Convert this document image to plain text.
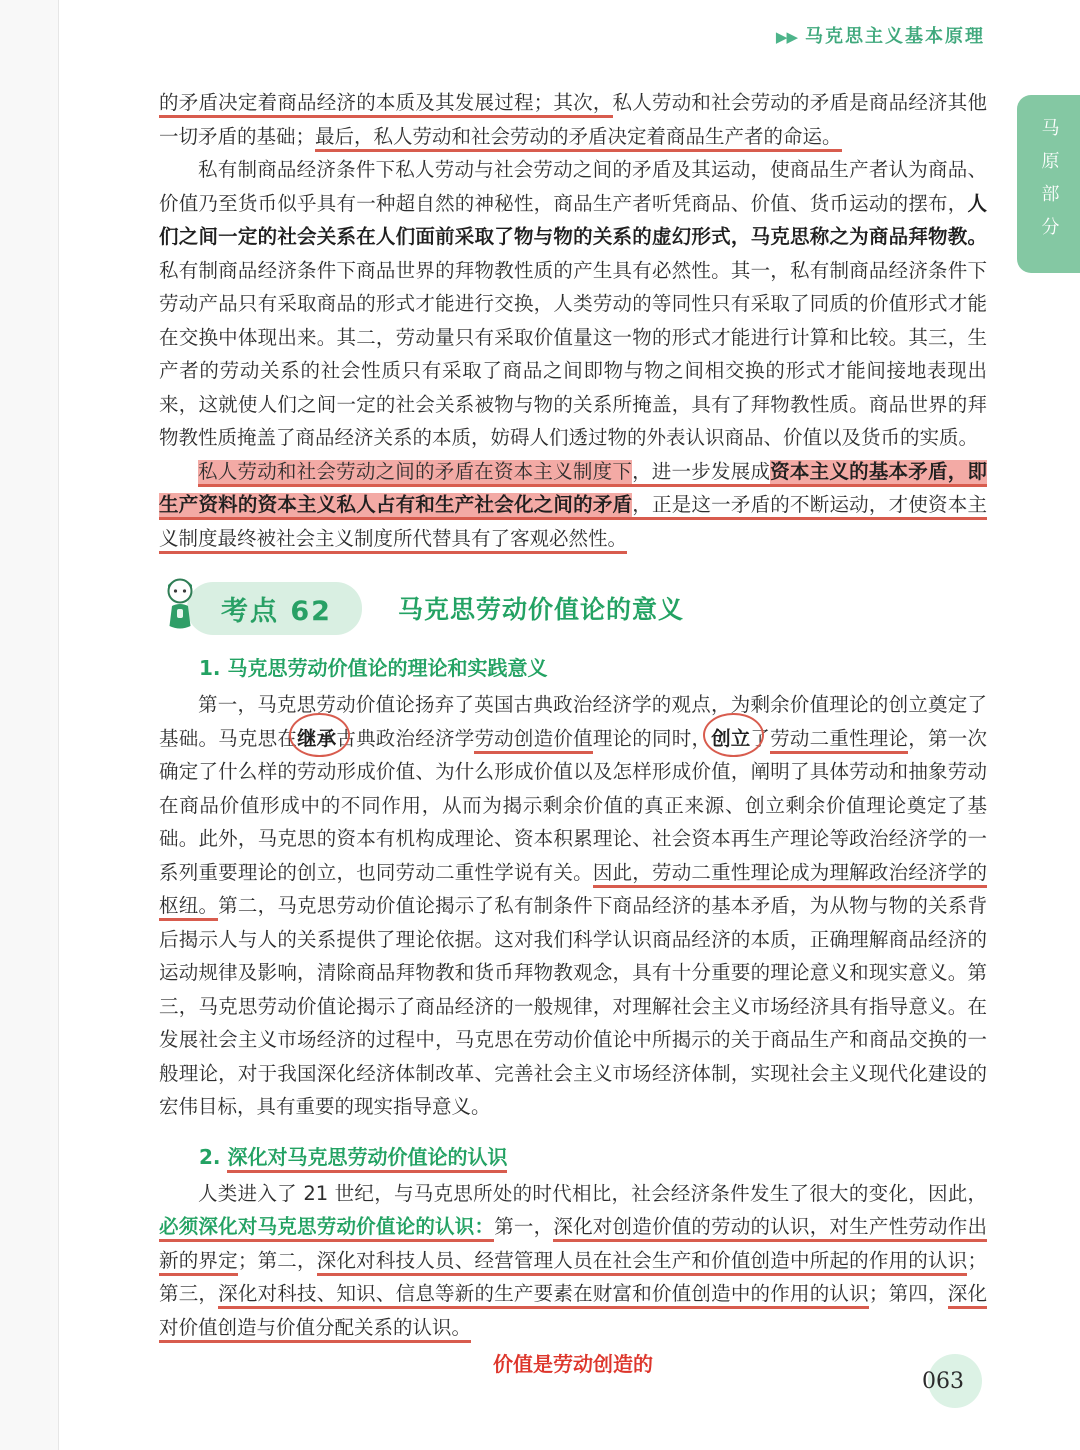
▶▶ 马克思主义基本原理
马原部分

的矛盾决定着商品经济的本质及其发展过程；其次，私人劳动和社会劳动的矛盾是商品经济其他一切矛盾的基础；最后，私人劳动和社会劳动的矛盾决定着商品生产者的命运。

私有制商品经济条件下私人劳动与社会劳动之间的矛盾及其运动，使商品生产者认为商品、价值乃至货币似乎具有一种超自然的神秘性，商品生产者听凭商品、价值、货币运动的摆布，人们之间一定的社会关系在人们面前采取了物与物的关系的虚幻形式，马克思称之为商品拜物教。私有制商品经济条件下商品世界的拜物教性质的产生具有必然性。其一，私有制商品经济条件下劳动产品只有采取商品的形式才能进行交换，人类劳动的等同性只有采取了同质的价值形式才能在交换中体现出来。其二，劳动量只有采取价值量这一物的形式才能进行计算和比较。其三，生产者的劳动关系的社会性质只有采取了商品之间即物与物之间相交换的形式才能间接地表现出来，这就使人们之间一定的社会关系被物与物的关系所掩盖，具有了拜物教性质。商品世界的拜物教性质掩盖了商品经济关系的本质，妨碍人们透过物的外表认识商品、价值以及货币的实质。

私人劳动和社会劳动之间的矛盾在资本主义制度下，进一步发展成资本主义的基本矛盾，即生产资料的资本主义私人占有和生产社会化之间的矛盾，正是这一矛盾的不断运动，才使资本主义制度最终被社会主义制度所代替具有了客观必然性。

考点 62	马克思劳动价值论的意义
1. 马克思劳动价值论的理论和实践意义

第一，马克思劳动价值论扬弃了英国古典政治经济学的观点，为剩余价值理论的创立奠定了基础。马克思在继承古典政治经济学劳动创造价值理论的同时，创立了劳动二重性理论，第一次确定了什么样的劳动形成价值、为什么形成价值以及怎样形成价值，阐明了具体劳动和抽象劳动在商品价值形成中的不同作用，从而为揭示剩余价值的真正来源、创立剩余价值理论奠定了基础。此外，马克思的资本有机构成理论、资本积累理论、社会资本再生产理论等政治经济学的一系列重要理论的创立，也同劳动二重性学说有关。因此，劳动二重性理论成为理解政治经济学的枢纽。第二，马克思劳动价值论揭示了私有制条件下商品经济的基本矛盾，为从物与物的关系背后揭示人与人的关系提供了理论依据。这对我们科学认识商品经济的本质，正确理解商品经济的运动规律及影响，清除商品拜物教和货币拜物教观念，具有十分重要的理论意义和现实意义。第三，马克思劳动价值论揭示了商品经济的一般规律，对理解社会主义市场经济具有指导意义。在发展社会主义市场经济的过程中，马克思在劳动价值论中所揭示的关于商品生产和商品交换的一般理论，对于我国深化经济体制改革、完善社会主义市场经济体制，实现社会主义现代化建设的宏伟目标，具有重要的现实指导意义。

2. 深化对马克思劳动价值论的认识

人类进入了 21 世纪，与马克思所处的时代相比，社会经济条件发生了很大的变化，因此，必须深化对马克思劳动价值论的认识：第一，深化对创造价值的劳动的认识，对生产性劳动作出新的界定；第二，深化对科技人员、经营管理人员在社会生产和价值创造中所起的作用的认识；第三，深化对科技、知识、信息等新的生产要素在财富和价值创造中的作用的认识；第四，深化对价值创造与价值分配关系的认识。

价值是劳动创造的
063
